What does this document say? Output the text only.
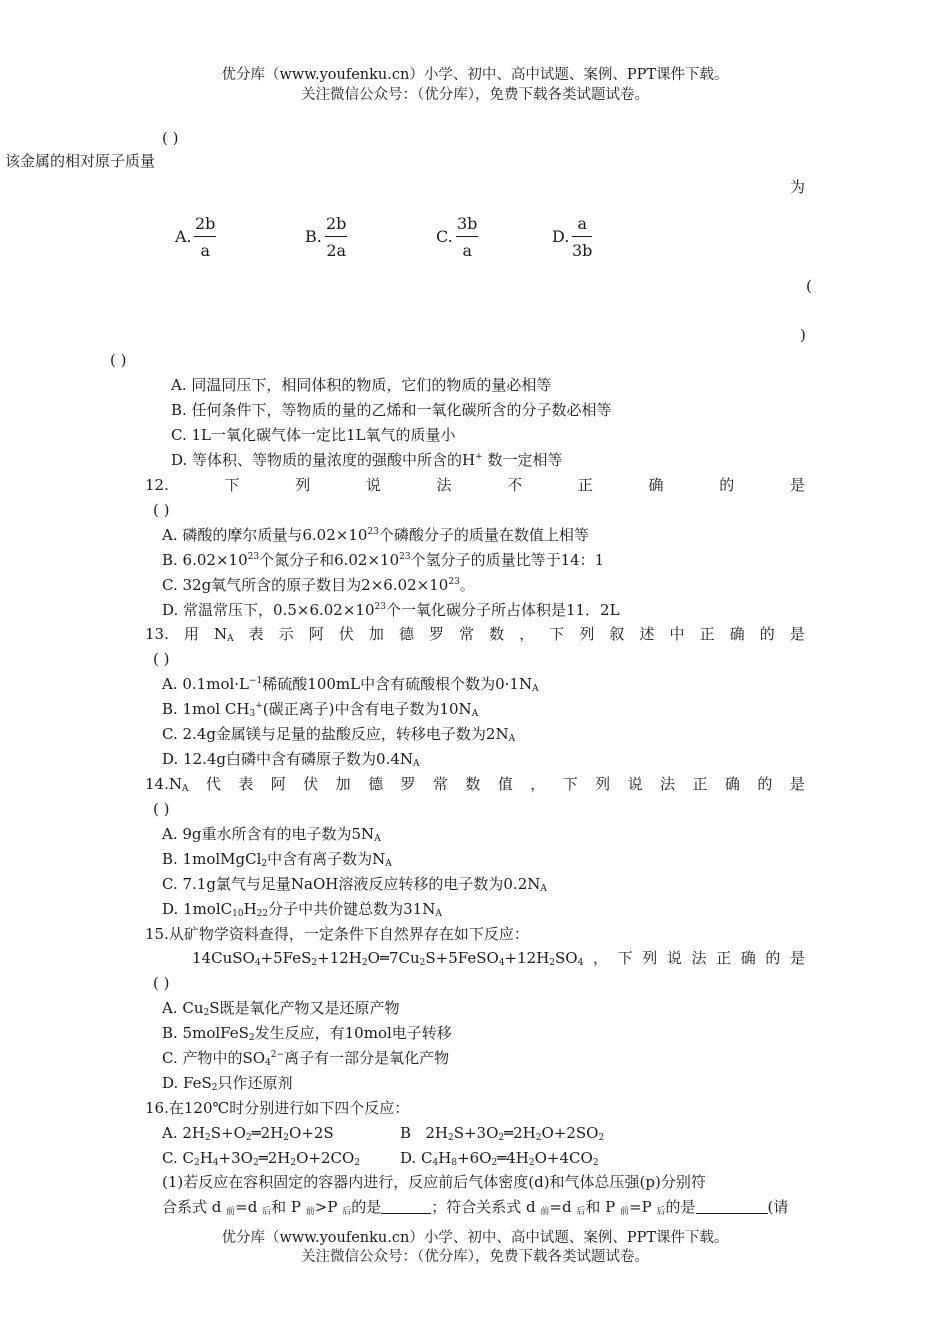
优分库（www.youfenku.cn）小学、初中、高中试题、案例、PPT课件下载。
关注微信公众号：（优分库），免费下载各类试题试卷。
( )
该金属的相对原子质量
为
A. $\frac{2b}{a}$	B. $\frac{2b}{2a}$	C. $\frac{3b}{a}$	D. $\frac{a}{3b}$
(
)
( )
A. 同温同压下，相同体积的物质，它们的物质的量必相等
B. 任何条件下，等物质的量的乙烯和一氧化碳所含的分子数必相等
C. 1L一氧化碳气体一定比1L氧气的质量小
D. 等体积、等物质的量浓度的强酸中所含的H+ 数一定相等
12.	下	列	说	法	不	正	确	的	是
( )
A. 磷酸的摩尔质量与$6.02\times 10^{23}$个磷酸分子的质量在数值上相等
B. $6.02\times 10^{23}$个氮分子和$6.02\times 10^{23}$个氢分子的质量比等于14：1
C. 32g氧气所含的原子数目为$2\times 6.02\times 10^{23}$。
D. 常温常压下，$0.5\times 6.02\times 10^{23}$个一氧化碳分子所占体积是11．2L
13. 用 $N_A$ 表 示 阿 伏 加 德 罗 常 数 ， 下 列 叙 述 中 正 确 的 是
( )
A. $0.1mol\cdot L^{-1}$稀硫酸100mL中含有硫酸根个数为$0\cdot 1N_A$
B. 1mol $CH_3^+$(碳正离子)中含有电子数为$10N_A$
C. 2.4g金属镁与足量的盐酸反应，转移电子数为$2N_A$
D. 12.4g白磷中含有磷原子数为$0.4N_A$
$14.N_A$ 代 表 阿 伏 加 德 罗 常 数 值 ， 下 列 说 法 正 确 的 是
( )
A. 9g重水所含有的电子数为$5N_A$
B. 1molMgCl$_2$中含有离子数为$N_A$
C. 7.1g氯气与足量NaOH溶液反应转移的电子数为$0.2N_A$
D. $1molC_{10}H_{22}$分子中共价键总数为$31N_A$
15.从矿物学资料查得，一定条件下自然界存在如下反应：
$14CuSO_4+5FeS_2+12H_2O═7Cu_2S+5FeSO_4+12H_2SO_4$ ， 下 列 说 法 正 确 的 是
( )
A. $Cu_2S$既是氧化产物又是还原产物
B. 5molFeS$_2$发生反应，有10mol电子转移
C. 产物中的$SO_4^{2-}$离子有一部分是氧化产物
D. FeS$_2$只作还原剂
16.在120℃时分别进行如下四个反应：
A. $2H_2S+O_2═2H_2O+2S$	B   $2H_2S+3O_2═2H_2O+2SO_2$
C. $C_2H_4+3O_2═2H_2O+2CO_2$	D. $C_4H_8+6O_2═4H_2O+4CO_2$
(1)若反应在容积固定的容器内进行，反应前后气体密度(d)和气体总压强(p)分别符
合系式 d $_前$=d $_后$和 P $_前$>P $_后$的是	；符合关系式 d $_前$=d $_后$和 P $_前$=P $_后$的是	(请
优分库（www.youfenku.cn）小学、初中、高中试题、案例、PPT课件下载。
关注微信公众号：（优分库），免费下载各类试题试卷。
